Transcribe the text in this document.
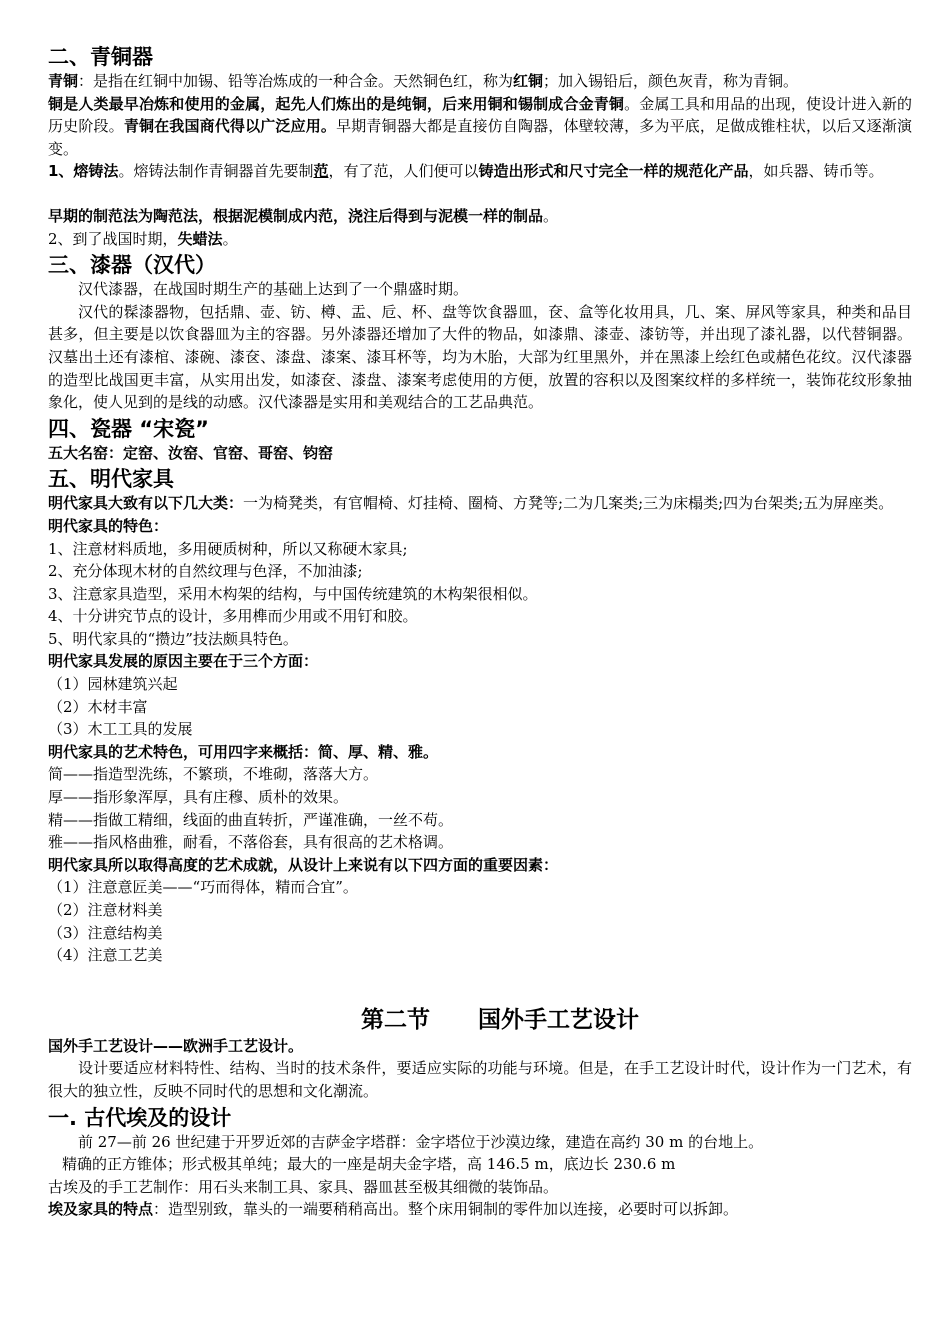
二、青铜器

青铜：是指在红铜中加锡、铅等冶炼成的一种合金。天然铜色红，称为红铜；加入锡铅后，颜色灰青，称为青铜。

铜是人类最早冶炼和使用的金属，起先人们炼出的是纯铜，后来用铜和锡制成合金青铜。金属工具和用品的出现，使设计进入新的历史阶段。青铜在我国商代得以广泛应用。早期青铜器大都是直接仿自陶器，体壁较薄，多为平底，足做成锥柱状，以后又逐渐演变。

1、熔铸法。熔铸法制作青铜器首先要制范，有了范，人们便可以铸造出形式和尺寸完全一样的规范化产品，如兵器、铸币等。

早期的制范法为陶范法，根据泥模制成内范，浇注后得到与泥模一样的制品。

2、到了战国时期，失蜡法。

三、漆器（汉代）

汉代漆器，在战国时期生产的基础上达到了一个鼎盛时期。

汉代的髹漆器物，包括鼎、壶、钫、樽、盂、卮、杯、盘等饮食器皿，奁、盒等化妆用具，几、案、屏风等家具，种类和品目甚多，但主要是以饮食器皿为主的容器。另外漆器还增加了大件的物品，如漆鼎、漆壶、漆钫等，并出现了漆礼器，以代替铜器。汉墓出土还有漆棺、漆碗、漆奁、漆盘、漆案、漆耳杯等，均为木胎，大部为红里黑外，并在黑漆上绘红色或赭色花纹。汉代漆器的造型比战国更丰富，从实用出发，如漆奁、漆盘、漆案考虑使用的方便，放置的容积以及图案纹样的多样统一，装饰花纹形象抽象化，使人见到的是线的动感。汉代漆器是实用和美观结合的工艺品典范。

四、瓷器 “宋瓷”

五大名窑：定窑、汝窑、官窑、哥窑、钧窑

五、明代家具

明代家具大致有以下几大类：一为椅凳类，有官帽椅、灯挂椅、圈椅、方凳等;二为几案类;三为床榻类;四为台架类;五为屏座类。

明代家具的特色：

1、注意材料质地，多用硬质树种，所以又称硬木家具;

2、充分体现木材的自然纹理与色泽，不加油漆;

3、注意家具造型，采用木构架的结构，与中国传统建筑的木构架很相似。

4、十分讲究节点的设计，多用榫而少用或不用钉和胶。

5、明代家具的“攒边”技法颇具特色。

明代家具发展的原因主要在于三个方面：

（1）园林建筑兴起

（2）木材丰富

（3）木工工具的发展

明代家具的艺术特色，可用四字来概括：简、厚、精、雅。

简——指造型洗练，不繁琐，不堆砌，落落大方。

厚——指形象浑厚，具有庄穆、质朴的效果。

精——指做工精细，线面的曲直转折，严谨准确，一丝不苟。

雅——指风格曲雅，耐看，不落俗套，具有很高的艺术格调。

明代家具所以取得高度的艺术成就，从设计上来说有以下四方面的重要因素：

（1）注意意匠美——“巧而得体，精而合宜”。

（2）注意材料美

（3）注意结构美

（4）注意工艺美

第二节 国外手工艺设计

国外手工艺设计——欧洲手工艺设计。

设计要适应材料特性、结构、当时的技术条件，要适应实际的功能与环境。但是，在手工艺设计时代，设计作为一门艺术，有很大的独立性，反映不同时代的思想和文化潮流。

一. 古代埃及的设计

前 27—前 26 世纪建于开罗近郊的吉萨金字塔群：金字塔位于沙漠边缘，建造在高约 30 m 的台地上。

精确的正方锥体；形式极其单纯；最大的一座是胡夫金字塔，高 146.5 m，底边长 230.6 m

古埃及的手工艺制作：用石头来制工具、家具、器皿甚至极其细微的装饰品。

埃及家具的特点：造型别致，靠头的一端要稍稍高出。整个床用铜制的零件加以连接，必要时可以拆卸。
